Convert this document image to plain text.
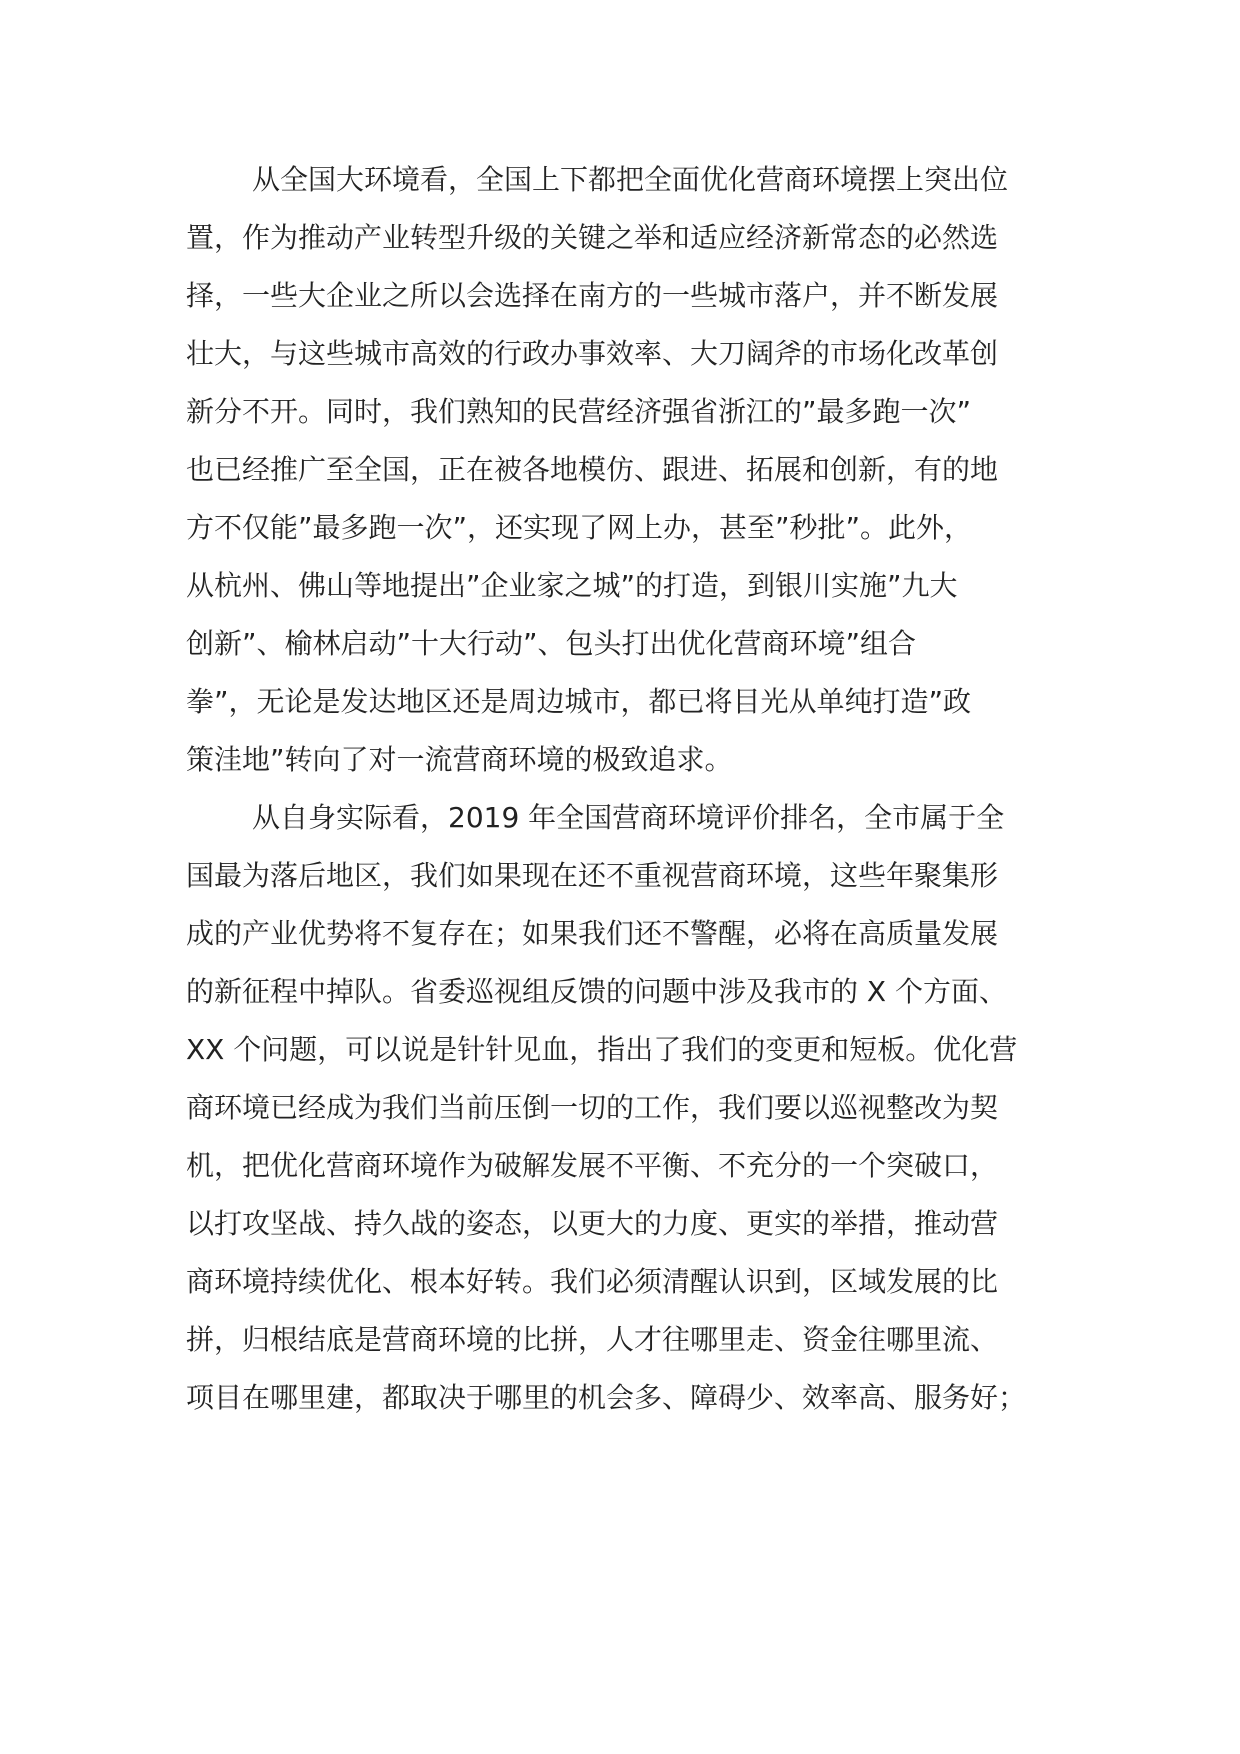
从全国大环境看，全国上下都把全面优化营商环境摆上突出位
置，作为推动产业转型升级的关键之举和适应经济新常态的必然选
择，一些大企业之所以会选择在南方的一些城市落户，并不断发展
壮大，与这些城市高效的行政办事效率、大刀阔斧的市场化改革创
新分不开。同时，我们熟知的民营经济强省浙江的”最多跑一次”
也已经推广至全国，正在被各地模仿、跟进、拓展和创新，有的地
方不仅能”最多跑一次”，还实现了网上办，甚至”秒批”。此外，
从杭州、佛山等地提出”企业家之城”的打造，到银川实施”九大
创新”、榆林启动”十大行动”、包头打出优化营商环境”组合
拳”，无论是发达地区还是周边城市，都已将目光从单纯打造”政
策洼地”转向了对一流营商环境的极致追求。
从自身实际看，2019 年全国营商环境评价排名，全市属于全
国最为落后地区，我们如果现在还不重视营商环境，这些年聚集形
成的产业优势将不复存在；如果我们还不警醒，必将在高质量发展
的新征程中掉队。省委巡视组反馈的问题中涉及我市的 X 个方面、
XX 个问题，可以说是针针见血，指出了我们的变更和短板。优化营
商环境已经成为我们当前压倒一切的工作，我们要以巡视整改为契
机，把优化营商环境作为破解发展不平衡、不充分的一个突破口，
以打攻坚战、持久战的姿态，以更大的力度、更实的举措，推动营
商环境持续优化、根本好转。我们必须清醒认识到，区域发展的比
拼，归根结底是营商环境的比拼，人才往哪里走、资金往哪里流、
项目在哪里建，都取决于哪里的机会多、障碍少、效率高、服务好；
